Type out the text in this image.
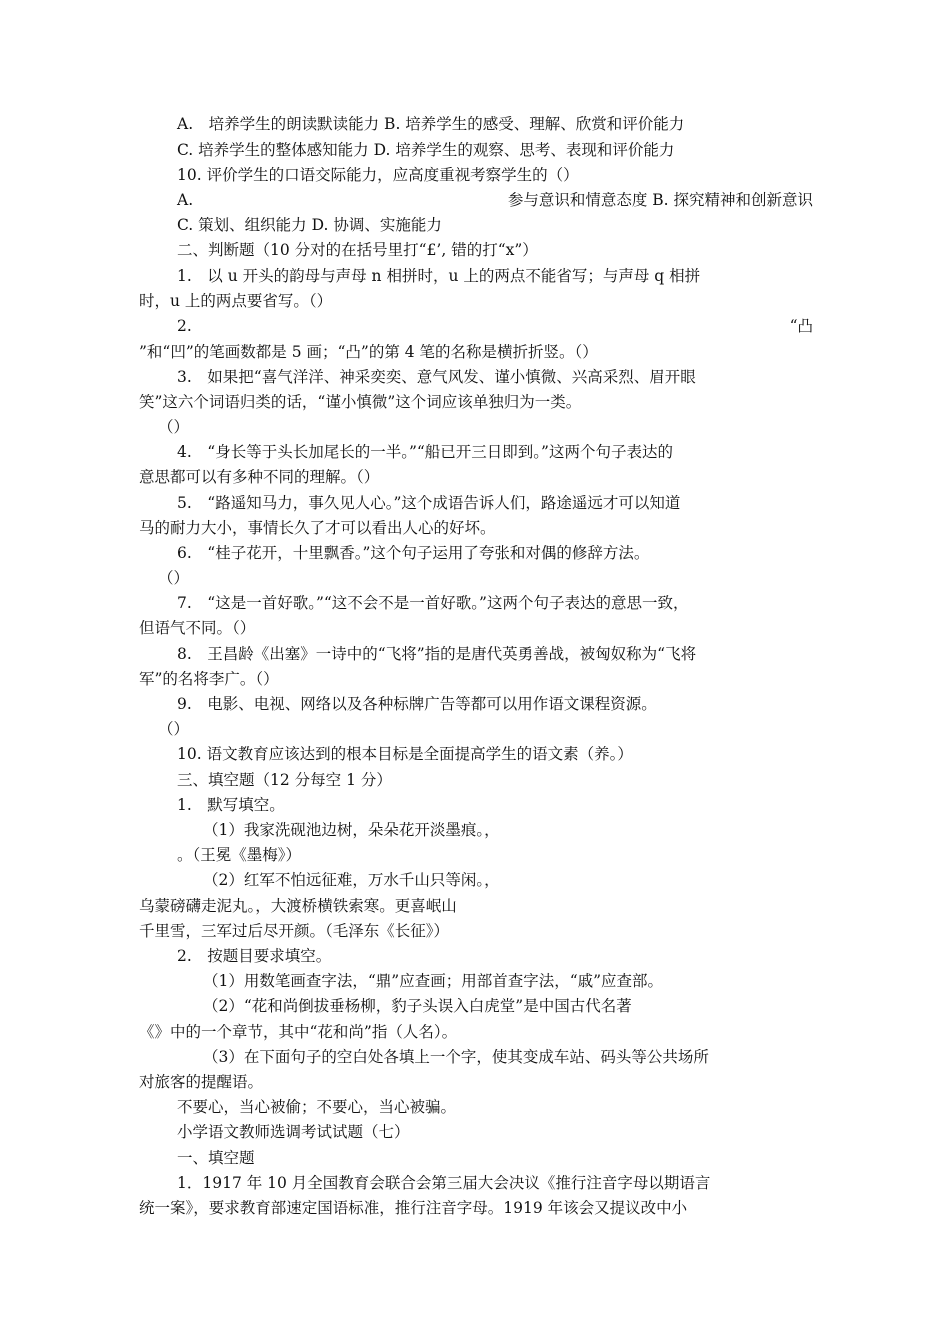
A.　培养学生的朗读默读能力 B. 培养学生的感受、理解、欣赏和评价能力
C. 培养学生的整体感知能力 D. 培养学生的观察、思考、表现和评价能力
10. 评价学生的口语交际能力，应高度重视考察学生的（）
A.	参与意识和情意态度 B. 探究精神和创新意识
C. 策划、组织能力 D. 协调、实施能力
二、判断题（10 分对的在括号里打“£’, 错的打“x”）
1.　以 u 开头的韵母与声母 n 相拼时，u 上的两点不能省写；与声母 q 相拼
时，u 上的两点要省写。（）
2.	“凸
”和“凹”的笔画数都是 5 画；“凸”的第 4 笔的名称是横折折竖。（）
3.　如果把“喜气洋洋、神采奕奕、意气风发、谨小慎微、兴高采烈、眉开眼
笑”这六个词语归类的话，“谨小慎微”这个词应该单独归为一类。
（）
4.　“身长等于头长加尾长的一半。”“船已开三日即到。”这两个句子表达的
意思都可以有多种不同的理解。（）
5.　“路遥知马力，事久见人心。”这个成语告诉人们，路途遥远才可以知道
马的耐力大小，事情长久了才可以看出人心的好坏。
6.　“桂子花开，十里飘香。”这个句子运用了夸张和对偶的修辞方法。
（）
7.　“这是一首好歌。”“这不会不是一首好歌。”这两个句子表达的意思一致，
但语气不同。（）
8.　王昌龄《出塞》一诗中的“飞将”指的是唐代英勇善战，被匈奴称为“飞将
军”的名将李广。（）
9.　电影、电视、网络以及各种标牌广告等都可以用作语文课程资源。
（）
10. 语文教育应该达到的根本目标是全面提高学生的语文素（养。）
三、填空题（12 分每空 1 分）
1.　默写填空。
（1）我家洗砚池边树，朵朵花开淡墨痕。，
。（王冕《墨梅》）
（2）红军不怕远征难，万水千山只等闲。，
乌蒙磅礴走泥丸。，大渡桥横铁索寒。更喜岷山
千里雪，三军过后尽开颜。（毛泽东《长征》）
2.　按题目要求填空。
（1）用数笔画查字法，“鼎”应查画；用部首查字法，“戚”应查部。
（2）“花和尚倒拔垂杨柳，豹子头误入白虎堂”是中国古代名著
《》中的一个章节，其中“花和尚”指（人名）。
（3）在下面句子的空白处各填上一个字，使其变成车站、码头等公共场所
对旅客的提醒语。
不要心，当心被偷；不要心，当心被骗。
小学语文教师选调考试试题（七）
一、填空题
1．1917 年 10 月全国教育会联合会第三届大会决议《推行注音字母以期语言
统一案》，要求教育部速定国语标准，推行注音字母。1919 年该会又提议改中小
